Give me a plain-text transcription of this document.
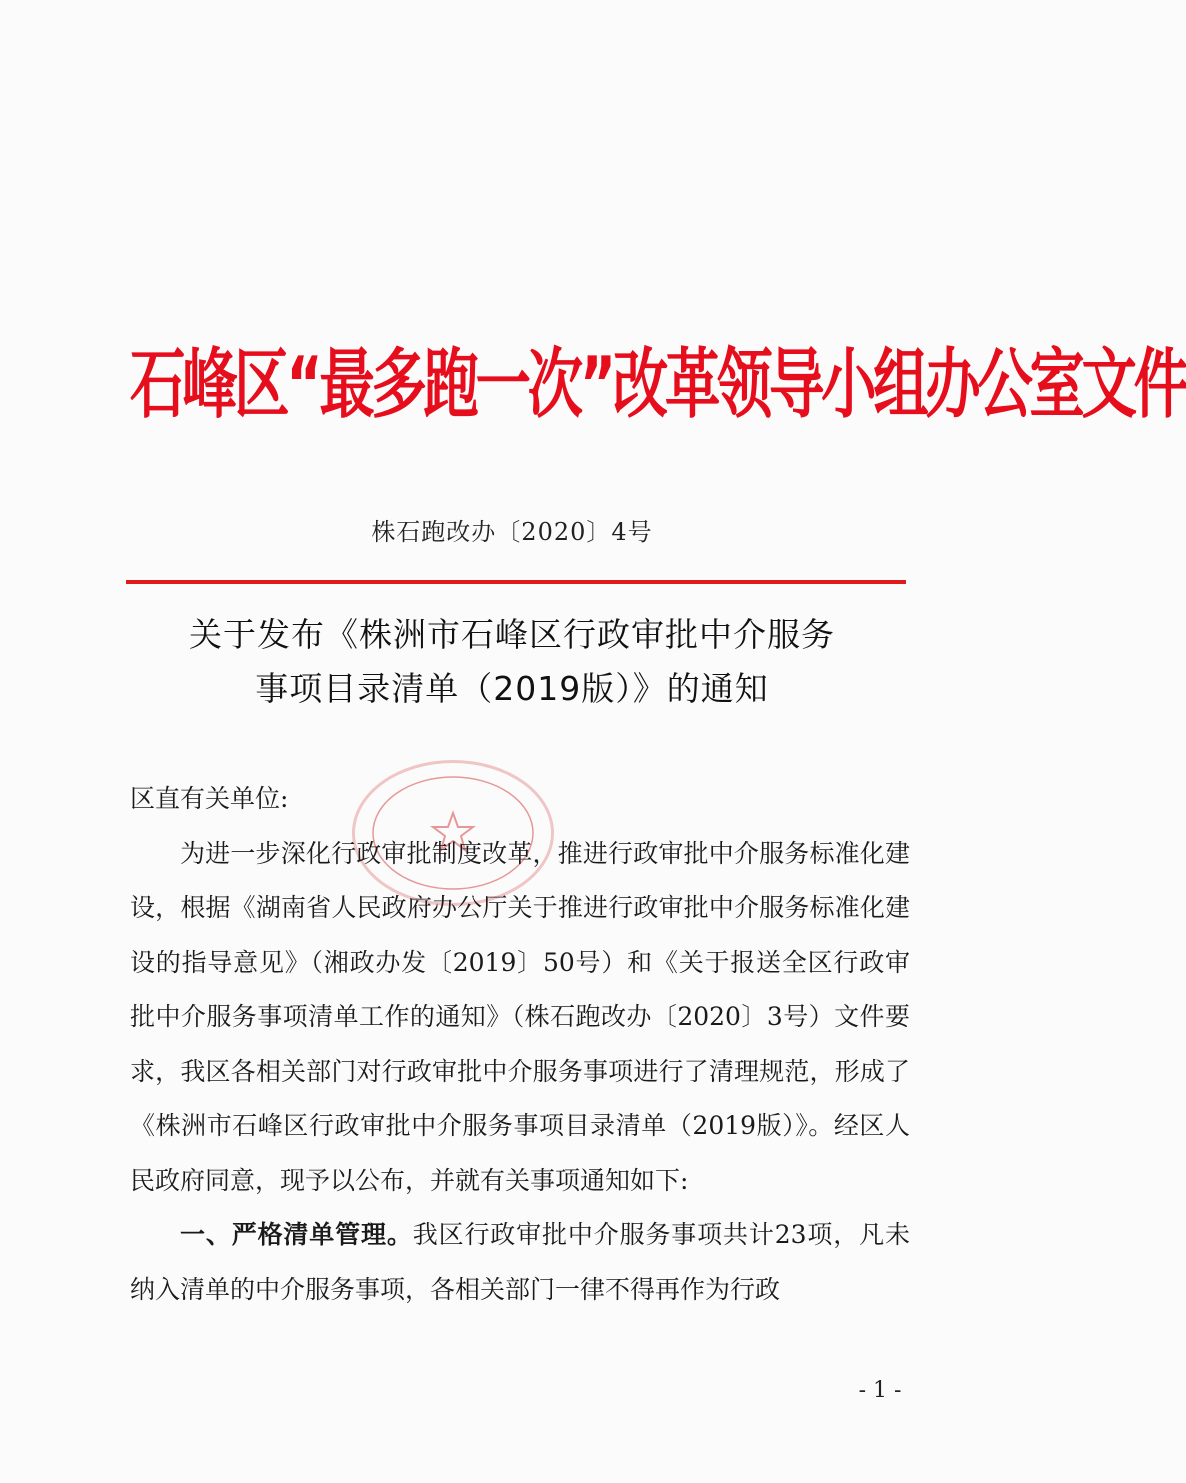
石峰区“最多跑一次”改革领导小组办公室文件
株石跑改办〔2020〕4号
关于发布《株洲市石峰区行政审批中介服务
事项目录清单（2019版）》的通知
区直有关单位:
为进一步深化行政审批制度改革，推进行政审批中介服务标准化建设，根据《湖南省人民政府办公厅关于推进行政审批中介服务标准化建设的指导意见》（湘政办发〔2019〕50号）和《关于报送全区行政审批中介服务事项清单工作的通知》（株石跑改办〔2020〕3号）文件要求，我区各相关部门对行政审批中介服务事项进行了清理规范，形成了《株洲市石峰区行政审批中介服务事项目录清单（2019版）》。经区人民政府同意，现予以公布，并就有关事项通知如下:
一、严格清单管理。我区行政审批中介服务事项共计23项，凡未纳入清单的中介服务事项，各相关部门一律不得再作为行政
- 1 -
